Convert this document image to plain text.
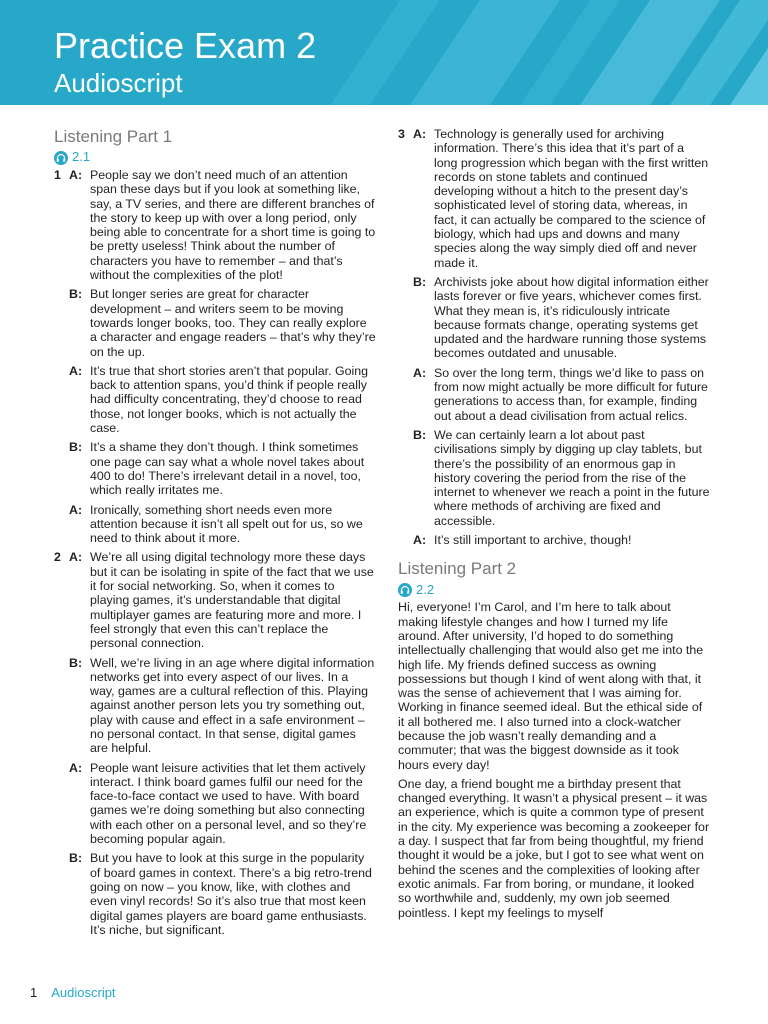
Practice Exam 2
Audioscript
Listening Part 1
2.1
1 A: People say we don’t need much of an attention span these days but if you look at something like, say, a TV series, and there are different branches of the story to keep up with over a long period, only being able to concentrate for a short time is going to be pretty useless! Think about the number of characters you have to remember – and that’s without the complexities of the plot!

B: But longer series are great for character development – and writers seem to be moving towards longer books, too. They can really explore a character and engage readers – that’s why they’re on the up.

A: It’s true that short stories aren’t that popular. Going back to attention spans, you’d think if people really had difficulty concentrating, they’d choose to read those, not longer books, which is not actually the case.

B: It’s a shame they don’t though. I think sometimes one page can say what a whole novel takes about 400 to do! There’s irrelevant detail in a novel, too, which really irritates me.

A: Ironically, something short needs even more attention because it isn’t all spelt out for us, so we need to think about it more.

2 A: We’re all using digital technology more these days but it can be isolating in spite of the fact that we use it for social networking. So, when it comes to playing games, it’s understandable that digital multiplayer games are featuring more and more. I feel strongly that even this can’t replace the personal connection.

B: Well, we’re living in an age where digital information networks get into every aspect of our lives. In a way, games are a cultural reflection of this. Playing against another person lets you try something out, play with cause and effect in a safe environment – no personal contact. In that sense, digital games are helpful.

A: People want leisure activities that let them actively interact. I think board games fulfil our need for the face-to-face contact we used to have. With board games we’re doing something but also connecting with each other on a personal level, and so they’re becoming popular again.

B: But you have to look at this surge in the popularity of board games in context. There’s a big retro-trend going on now – you know, like, with clothes and even vinyl records! So it’s also true that most keen digital games players are board game enthusiasts. It’s niche, but significant.

3 A: Technology is generally used for archiving information. There’s this idea that it’s part of a long progression which began with the first written records on stone tablets and continued developing without a hitch to the present day’s sophisticated level of storing data, whereas, in fact, it can actually be compared to the science of biology, which had ups and downs and many species along the way simply died off and never made it.

B: Archivists joke about how digital information either lasts forever or five years, whichever comes first. What they mean is, it’s ridiculously intricate because formats change, operating systems get updated and the hardware running those systems becomes outdated and unusable.

A: So over the long term, things we’d like to pass on from now might actually be more difficult for future generations to access than, for example, finding out about a dead civilisation from actual relics.

B: We can certainly learn a lot about past civilisations simply by digging up clay tablets, but there’s the possibility of an enormous gap in history covering the period from the rise of the internet to whenever we reach a point in the future where methods of archiving are fixed and accessible.

A: It’s still important to archive, though!

Listening Part 2
2.2

Hi, everyone! I’m Carol, and I’m here to talk about making lifestyle changes and how I turned my life around. After university, I’d hoped to do something intellectually challenging that would also get me into the high life. My friends defined success as owning possessions but though I kind of went along with that, it was the sense of achievement that I was aiming for. Working in finance seemed ideal. But the ethical side of it all bothered me. I also turned into a clock-watcher because the job wasn’t really demanding and a commuter; that was the biggest downside as it took hours every day!

One day, a friend bought me a birthday present that changed everything. It wasn’t a physical present – it was an experience, which is quite a common type of present in the city. My experience was becoming a zookeeper for a day. I suspect that far from being thoughtful, my friend thought it would be a joke, but I got to see what went on behind the scenes and the complexities of looking after exotic animals. Far from boring, or mundane, it looked so worthwhile and, suddenly, my own job seemed pointless. I kept my feelings to myself

1 Audioscript
